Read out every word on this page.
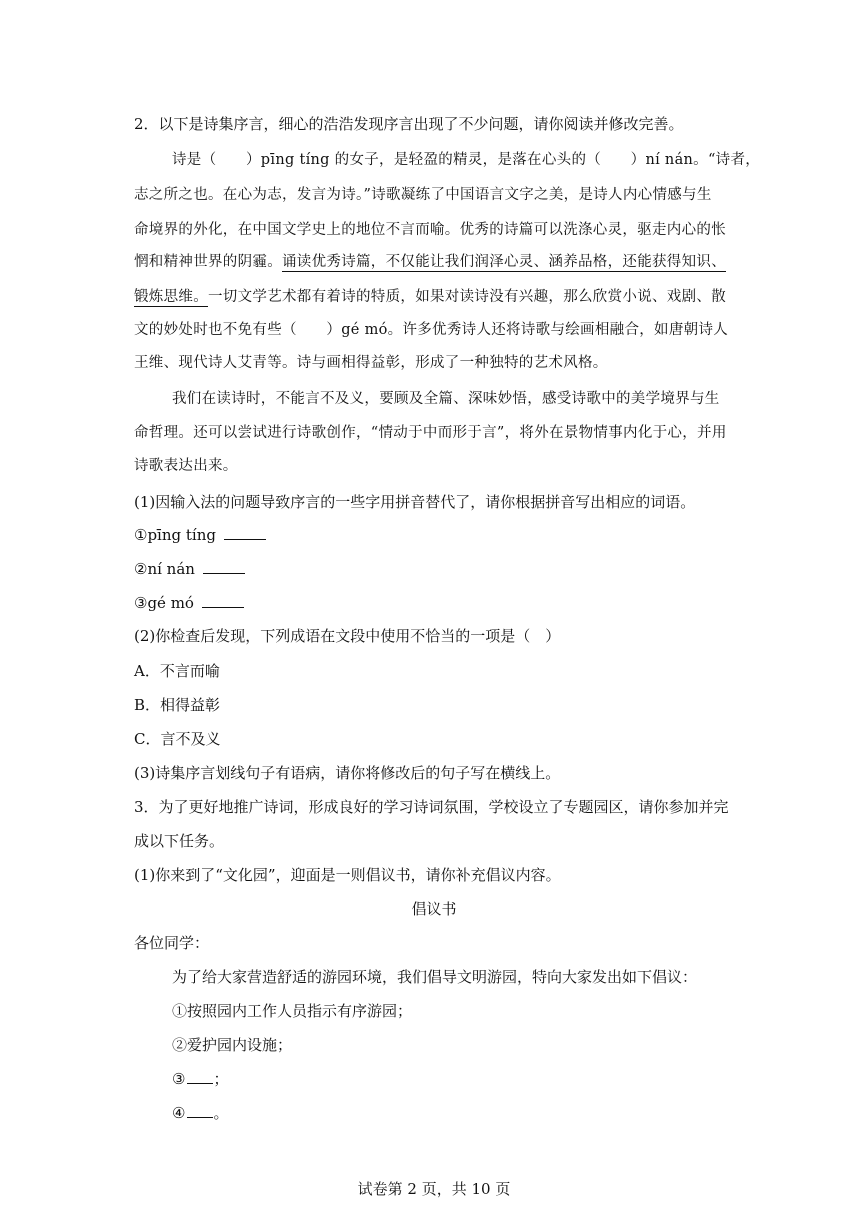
2．以下是诗集序言，细心的浩浩发现序言出现了不少问题，请你阅读并修改完善。
诗是（　　）pīng tíng 的女子，是轻盈的精灵，是落在心头的（　　）ní nán。“诗者，
志之所之也。在心为志，发言为诗。”诗歌凝练了中国语言文字之美，是诗人内心情感与生
命境界的外化，在中国文学史上的地位不言而喻。优秀的诗篇可以洗涤心灵，驱走内心的怅
惘和精神世界的阴霾。诵读优秀诗篇，不仅能让我们润泽心灵、涵养品格，还能获得知识、
锻炼思维。一切文学艺术都有着诗的特质，如果对读诗没有兴趣，那么欣赏小说、戏剧、散
文的妙处时也不免有些（　　）gé mó。许多优秀诗人还将诗歌与绘画相融合，如唐朝诗人
王维、现代诗人艾青等。诗与画相得益彰，形成了一种独特的艺术风格。
我们在读诗时，不能言不及义，要顾及全篇、深味妙悟，感受诗歌中的美学境界与生
命哲理。还可以尝试进行诗歌创作，“情动于中而形于言”，将外在景物情事内化于心，并用
诗歌表达出来。
(1)因输入法的问题导致序言的一些字用拼音替代了，请你根据拼音写出相应的词语。
①pīng tíng
②ní nán
③gé mó
(2)你检查后发现，下列成语在文段中使用不恰当的一项是（　）
A．不言而喻
B．相得益彰
C．言不及义
(3)诗集序言划线句子有语病，请你将修改后的句子写在横线上。
3．为了更好地推广诗词，形成良好的学习诗词氛围，学校设立了专题园区，请你参加并完
成以下任务。
(1)你来到了“文化园”，迎面是一则倡议书，请你补充倡议内容。
倡议书
各位同学：
为了给大家营造舒适的游园环境，我们倡导文明游园，特向大家发出如下倡议：
①按照园内工作人员指示有序游园；
②爱护园内设施；
③ ；
④ 。
试卷第 2 页，共 10 页
